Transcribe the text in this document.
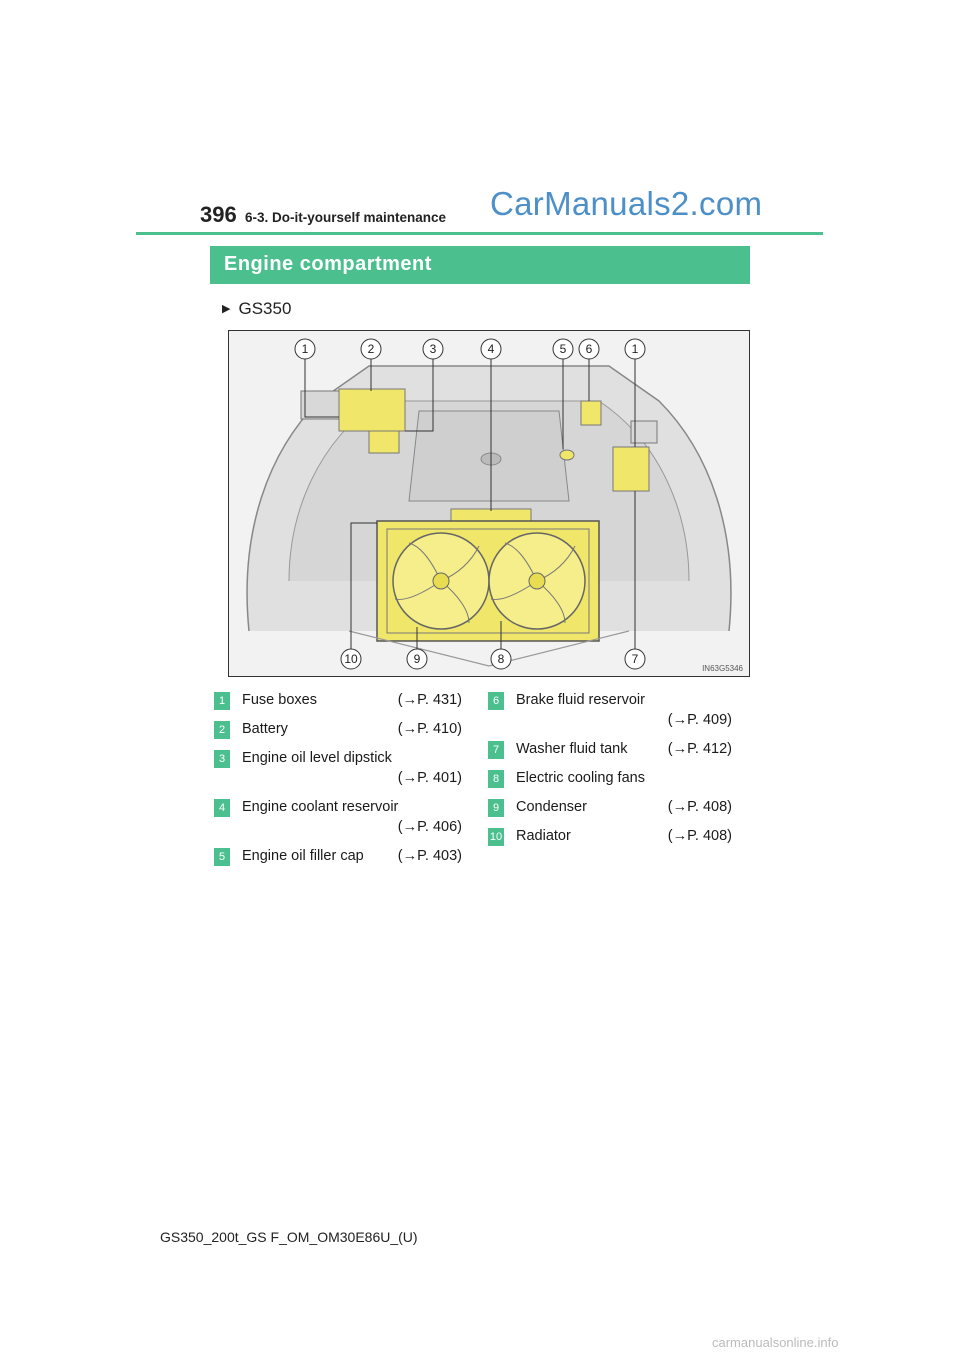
396 6-3. Do-it-yourself maintenance CarManuals2.com
Engine compartment
▶ GS350
1	2	3	4	5 6	1
10	9	8	7
IN63G5346
1	Fuse boxes	(→P. 431)
2	Battery	(→P. 410)
3	Engine oil level dipstick
(→P. 401)
4	Engine coolant reservoir
(→P. 406)
5	Engine oil filler cap	(→P. 403)
6	Brake fluid reservoir
(→P. 409)
7	Washer fluid tank	(→P. 412)
8	Electric cooling fans
9	Condenser	(→P. 408)
10 Radiator	(→P. 408)
GS350_200t_GS F_OM_OM30E86U_(U)
carmanualsonline.info
